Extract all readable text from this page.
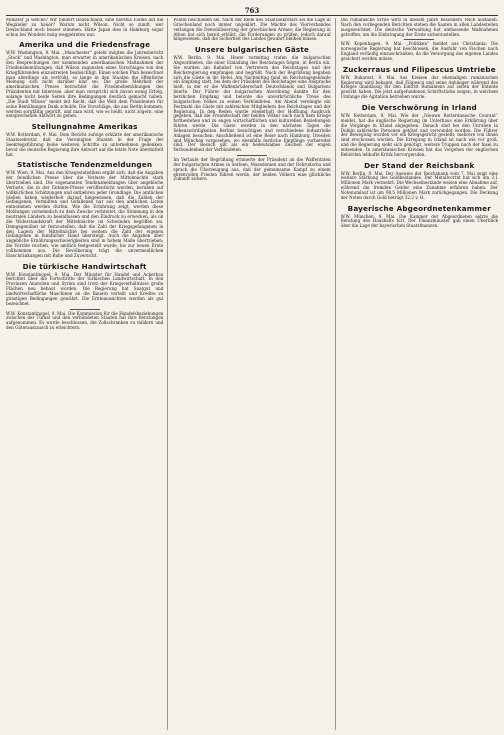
763

Minister ja welche? Wir bindert Deutschland, eine hierdus Fiume auf die Wegänder zu hauer? Warum nicht Wilson. Nicht so zundt, wer Deutschland noch besser stimmen. Hätte Japan dies in Hamburg sogar schon bei Wonders inzig weggetreten war.

Amerika und die Friedensfrage

W.W. Washington, 9. Mai. „Manchester“ gelebt mögten die Jahresbericht „Stock“ und Washington, man erwartet in amerikanischen Kreisen, nach den Besprechungen der kommenden amerikanischen Maßnahmen der Friedensbemühungen, daß Wilson zugunsten eines Vorschlages von den Kriegführenden einzustreiten beabsichtigt. Einen solchen Plan bezeichnet man allerdings als verfrüht, so lange in den Staaten die öffentliche Meinung sich nicht darüber klar sei. Die große Mehrheit der amerikanischen Presse betrachtet die Friedensbemühungen des Präsidenten mit Interesse, aber man verspricht sich davon wenig Erfolg, solange nicht beide Seiten ihre Bedingungen deutlich gemacht haben. „Die Stadt Wilson“ meint mit Recht, daß die Welt dem Präsidenten für seine Bemühungen Dank schulde. Die Vorschläge, die aus Berlin kommen, werden sorgfältig geprüft, und man wird, wie es heißt, nicht zögern, eine entsprechende Antwort zu geben.

Stellungnahme Amerikas

W.W. Rotterdam, 9. Mai. Dem Bericht zufolge erklärte der amerikanische Staatssekretär, daß die Vereinigten Staaten in der Frage der Seekriegsführung keine weiteren Schritte zu unternehmen gedenken, bevor die deutsche Regierung ihre Antwort auf die letzte Note übermittelt hat.

Statistische Tendenzmeldungen

W.W. Wien, 9. Mai. Aus den Kriegsstatistiken ergibt sich, daß die Angaben der feindlichen Presse über die Verluste der Mittelmächte stark übertrieben sind. Die sogenannten Tendenzmeldungen über angebliche Verluste, die in der Entente-Presse veröffentlicht werden, beruhen auf willkürlichen Schätzungen und entbehren jeder Grundlage. Die amtlichen Stellen haben wiederholt darauf hingewiesen, daß die Zahlen der Gefangenen, Vermißten und Gefallenen nur aus den amtlichen Listen entnommen werden dürfen. Wie die Erfahrung zeigt, werden diese Meldungen vornehmlich zu dem Zwecke verbreitet, die Stimmung in den neutralen Ländern zu beeinflussen und den Eindruck zu erwecken, als ob die Widerstandskraft der Mittelmächte im Schwinden begriffen sei. Demgegenüber ist festzustellen, daß die Zahl der Kriegsgefangenen in den Lagern der Mittelmächte bei weitem die Zahl der eigenen Gefangenen in feindlicher Hand übersteigt. Auch die Angaben über angebliche Ernährungsschwierigkeiten sind in hohem Maße übertrieben; die Vorräte reichen, wie amtlich festgestellt wurde, bis zur neuen Ernte vollkommen aus. Die Bevölkerung trägt die unvermeidlichen Einschränkungen mit Ruhe und Zuversicht.

Die türkische Handwirtschaft

W.W. Konstantinopel, 9. Mai. Der Minister für Handel und Ackerbau berichtet über die Fortschritte der türkischen Landwirtschaft. In den Provinzen Anatolien und Syrien sind trotz der Kriegsverhältnisse große Flächen neu bebaut worden. Die Regierung hat Saatgut und landwirtschaftliche Maschinen an die Bauern verteilt und Kredite zu günstigen Bedingungen gewährt. Die Ernteaussichten werden als gut bezeichnet.

W.W. Konstantinopel, 9. Mai. Die Kommission für die Handelsbeziehungen zwischen der Türkei und den verbündeten Staaten hat ihre Beratungen aufgenommen. Es wurde beschlossen, die Zollschranken zu mildern und den Güteraustausch zu erleichtern.

Politik beschieden sei. Nach der Rede des Staatssekretärs sei die Lage in Griechenland noch immer ungeklärt. Die Mächte des Vierverbandes verlangen die Demobilisierung der griechischen Armee; die Regierung in Athen hat sich bereit erklärt, die Forderungen zu prüfen, jedoch darauf hingewiesen, daß die Sicherheit des Landes gewahrt bleiben müsse.

Unsere bulgarischen Gäste

W.W. Berlin, 9. Mai. Heute vormittag trafen die bulgarischen Abgeordneten, die einer Einladung des Reichstages folgen, in Berlin ein. Sie wurden am Bahnhof von Vertretern des Reichstages und der Reichsregierung empfangen und begrüßt. Nach der Begrüßung begaben sich die Gäste in ihr Hotel. Am Nachmittag fand im Reichstagsgebäude ein Empfang statt, bei dem der Präsident des Reichstages eine Ansprache hielt, in der er die Waffenbrüderschaft Deutschlands und Bulgariens feierte. Der Führer der bulgarischen Abordnung dankte für den herzlichen Empfang und betonte die unverbrüchliche Treue des bulgarischen Volkes zu seinen Verbündeten. Am Abend vereinigte ein Festmahl die Gäste mit zahlreichen Mitgliedern des Reichstages und der Regierung. In den Reden wurde wiederholt der Hoffnung Ausdruck gegeben, daß die Freundschaft der beiden Völker auch nach dem Kriege fortbestehen und zu engen wirtschaftlichen und kulturellen Beziehungen führen werde. Die Gäste werden in den nächsten Tagen die Sehenswürdigkeiten Berlins besichtigen und verschiedene industrielle Anlagen besuchen. Anschließend ist eine Reise nach Hamburg, Dresden und München vorgesehen, wo ebenfalls festliche Empfänge vorbereitet sind. Der Besuch gilt als ein bedeutsames Zeichen der engen Verbundenheit der Verbündeten.

Im Verlaufe der Begrüßung erinnerte der Präsident an die Waffentaten der bulgarischen Armee in Serbien, Mazedonien und der Dobrudscha und sprach die Überzeugung aus, daß der gemeinsame Kampf zu einem ehrenvollen Frieden führen werde, der beiden Völkern eine glückliche Zukunft sichere.

Die rumänische Ernte wird in diesem Jahre besonders reich ausfallen. Nach den vorliegenden Berichten stehen die Saaten in allen Landesteilen ausgezeichnet. Die deutsche Verwaltung hat umfassende Maßnahmen getroffen, um die Einbringung der Ernte sicherzustellen.

W.W. Kopenhagen, 9. Mai. „Politiken“ meldet aus Christiania: Die norwegische Regierung hat beschlossen, die Ausfuhr von Fischen nach England vorläufig einzuschränken, da die Versorgung des eigenen Landes gesichert werden müsse.

Zuckerraus und Filipescus Umtriebe

W.W. Bukarest, 9. Mai. Aus Kreisen der ehemaligen rumänischen Regierung wird bekannt, daß Filipescu und seine Anhänger während des Krieges unablässig für den Eintritt Rumäniens auf seiten der Entente gewirkt haben. Die jetzt aufgefundenen Schriftstücke zeigen, in welchem Umfange die Agitation betrieben wurde.

Die Verschwörung in Irland

W.W. Rotterdam, 9. Mai. Wie der „Nieuwe Rotterdamsche Courant“ meldet, hat die englische Regierung im Unterhaus eine Erklärung über die Vorgänge in Irland abgegeben. Danach sind bei den Unruhen in Dublin zahlreiche Personen getötet und verwundet worden. Die Führer der Bewegung wurden vor ein Kriegsgericht gestellt; mehrere von ihnen sind erschossen worden. Die Erregung in Irland ist nach wie vor groß, und die Regierung sieht sich genötigt, weitere Truppen nach der Insel zu entsenden. In amerikanischen Kreisen hat das Vorgehen der englischen Behörden lebhafte Kritik hervorgerufen.

Der Stand der Reichsbank

W.W. Berlin, 9. Mai. Der Ausweis der Reichsbank vom 7. Mai zeigt eine weitere Stärkung des Goldbestandes. Der Metallvorrat hat sich um 3,1 Millionen Mark vermehrt. Die Wechselbestände weisen eine Abnahme auf, während die fremden Gelder eine Zunahme erfahren haben. Der Notenumlauf ist um 98,5 Millionen Mark zurückgegangen. Die Deckung der Noten durch Gold beträgt 32,2 v. H.

Bayerische Abgeordnetenkammer

W.W. München, 9. Mai. Die Kammer der Abgeordneten setzte die Beratung des Haushalts fort. Der Finanzminister gab einen Überblick über die Lage der bayerischen Staatsfinanzen.
